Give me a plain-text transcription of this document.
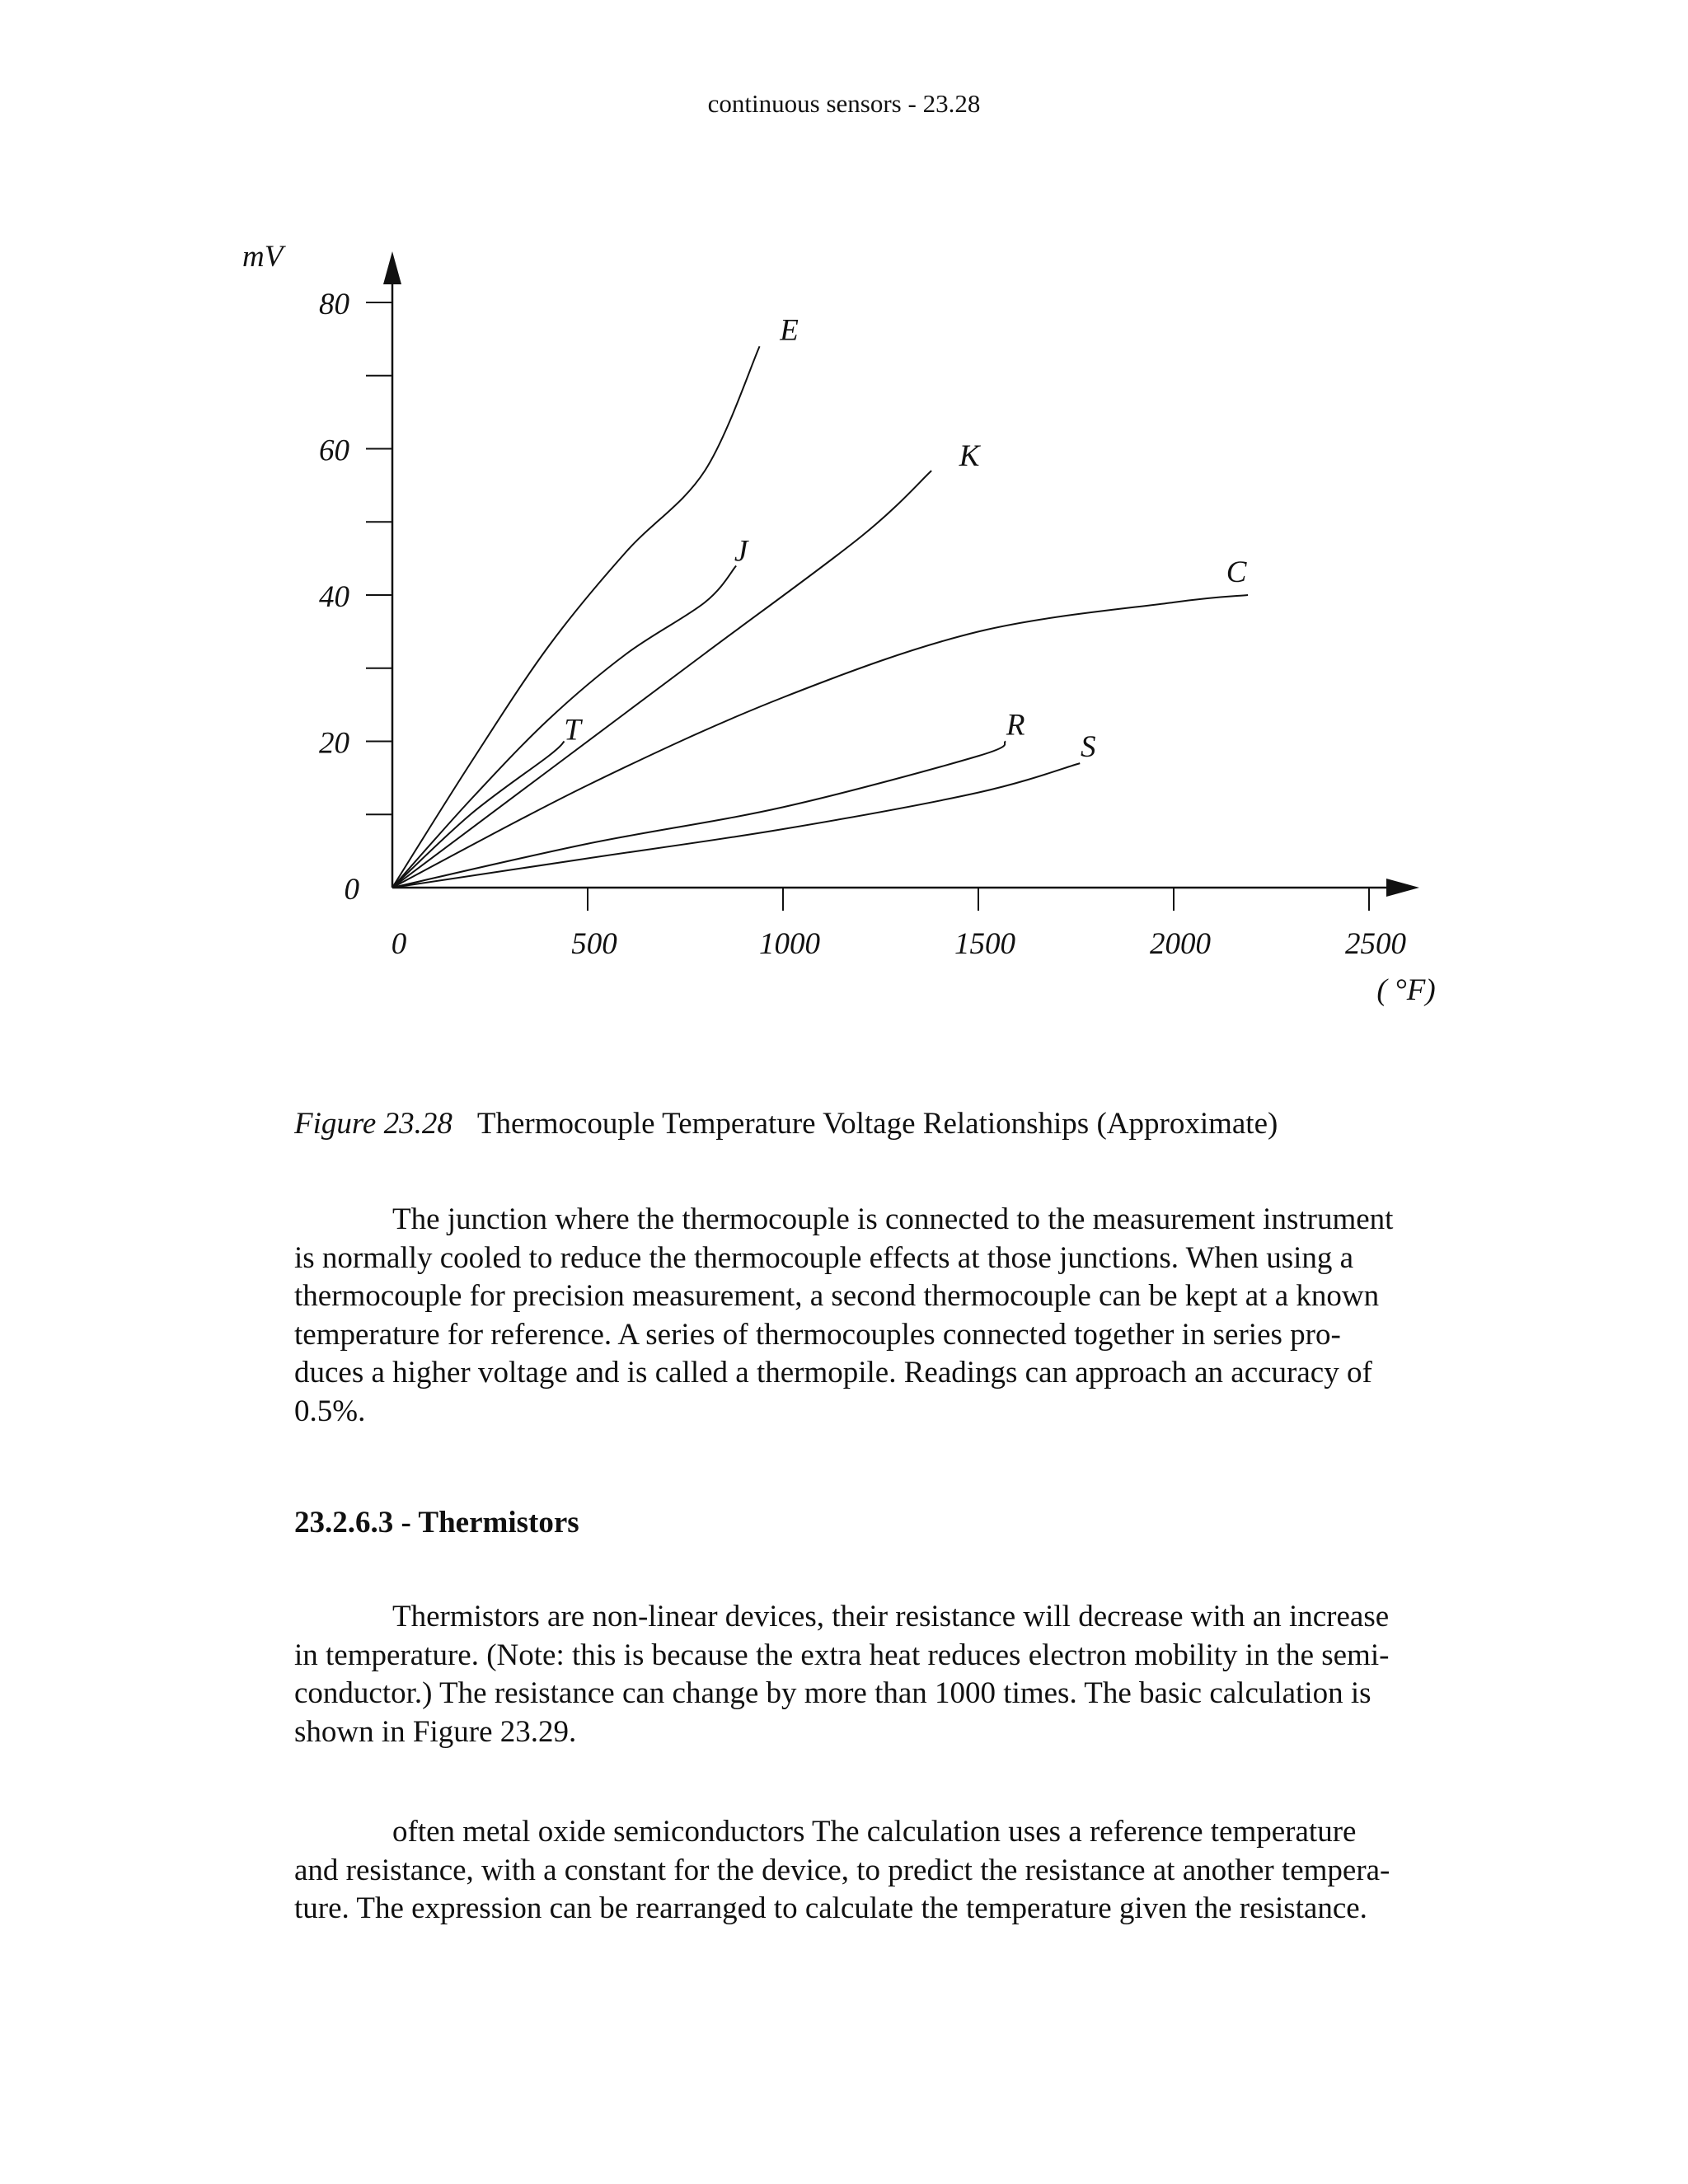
continuous sensors - 23.28
0
20
40
60
80
0	500	1000	1500	2000	2500
mV
( °F)
E
J
T
K
C
R
S
Figure 23.28 Thermocouple Temperature Voltage Relationships (Approximate)
The junction where the thermocouple is connected to the measurement instrument
is normally cooled to reduce the thermocouple effects at those junctions. When using a
thermocouple for precision measurement, a second thermocouple can be kept at a known
temperature for reference. A series of thermocouples connected together in series pro-
duces a higher voltage and is called a thermopile. Readings can approach an accuracy of
0.5%.
23.2.6.3 - Thermistors
Thermistors are non-linear devices, their resistance will decrease with an increase
in temperature. (Note: this is because the extra heat reduces electron mobility in the semi-
conductor.) The resistance can change by more than 1000 times. The basic calculation is
shown in Figure 23.29.
often metal oxide semiconductors The calculation uses a reference temperature
and resistance, with a constant for the device, to predict the resistance at another tempera-
ture. The expression can be rearranged to calculate the temperature given the resistance.
